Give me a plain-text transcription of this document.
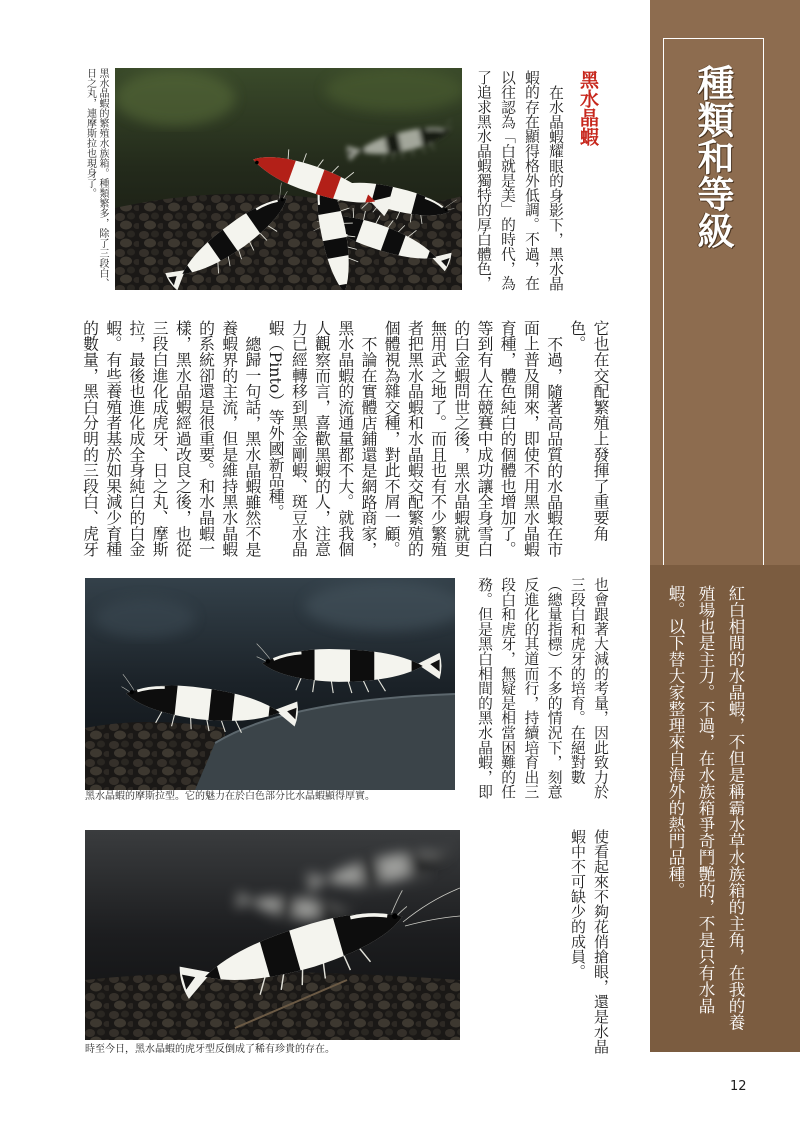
種類和等級
紅白相間的水晶蝦，不但是稱霸水草水族箱的主角，在我的養
殖場也是主力。不過，在水族箱爭奇鬥艷的，不是只有水晶
蝦。以下替大家整理來自海外的熱門品種。
黑水晶蝦的繁殖水族箱。種類繁多，除了三段白、
日之丸，連摩斯拉也現身了。	黑水晶蝦
在水晶蝦耀眼的身影下，黑水晶
蝦的存在顯得格外低調。不過，在
以往認為「白就是美」的時代，為
了追求黑水晶蝦獨特的厚白體色，
它也在交配繁殖上發揮了重要角
色。
不過，隨著高品質的水晶蝦在市
面上普及開來，即使不用黑水晶蝦
育種，體色純白的個體也增加了。
等到有人在競賽中成功讓全身雪白
的白金蝦問世之後，黑水晶蝦就更
無用武之地了。而且也有不少繁殖
者把黑水晶蝦和水晶蝦交配繁殖的
個體視為雜交種，對此不屑一顧。
不論在實體店鋪還是網路商家，
黑水晶蝦的流通量都不大。就我個
人觀察而言，喜歡黑蝦的人，注意
力已經轉移到黑金剛蝦、斑豆水晶
蝦（Pinto）等外國新品種。
總歸一句話，黑水晶蝦雖然不是
養蝦界的主流，但是維持黑水晶蝦
的系統卻還是很重要。和水晶蝦一
樣，黑水晶蝦經過改良之後，也從
三段白進化成虎牙、日之丸、摩斯
拉，最後也進化成全身純白的白金
蝦。有些養殖者基於如果減少育種
的數量，黑白分明的三段白、虎牙
也會跟著大減的考量，因此致力於
三段白和虎牙的培育。在絕對數
（總量指標）不多的情況下，刻意
反進化的其道而行，持續培育出三
段白和虎牙，無疑是相當困難的任
務。但是黑白相間的黑水晶蝦，即
使看起來不夠花俏搶眼，還是水晶
蝦中不可缺少的成員。
黑水晶蝦的摩斯拉型。它的魅力在於白色部分比水晶蝦顯得厚實。
時至今日，黑水晶蝦的虎牙型反倒成了稀有珍貴的存在。
12
